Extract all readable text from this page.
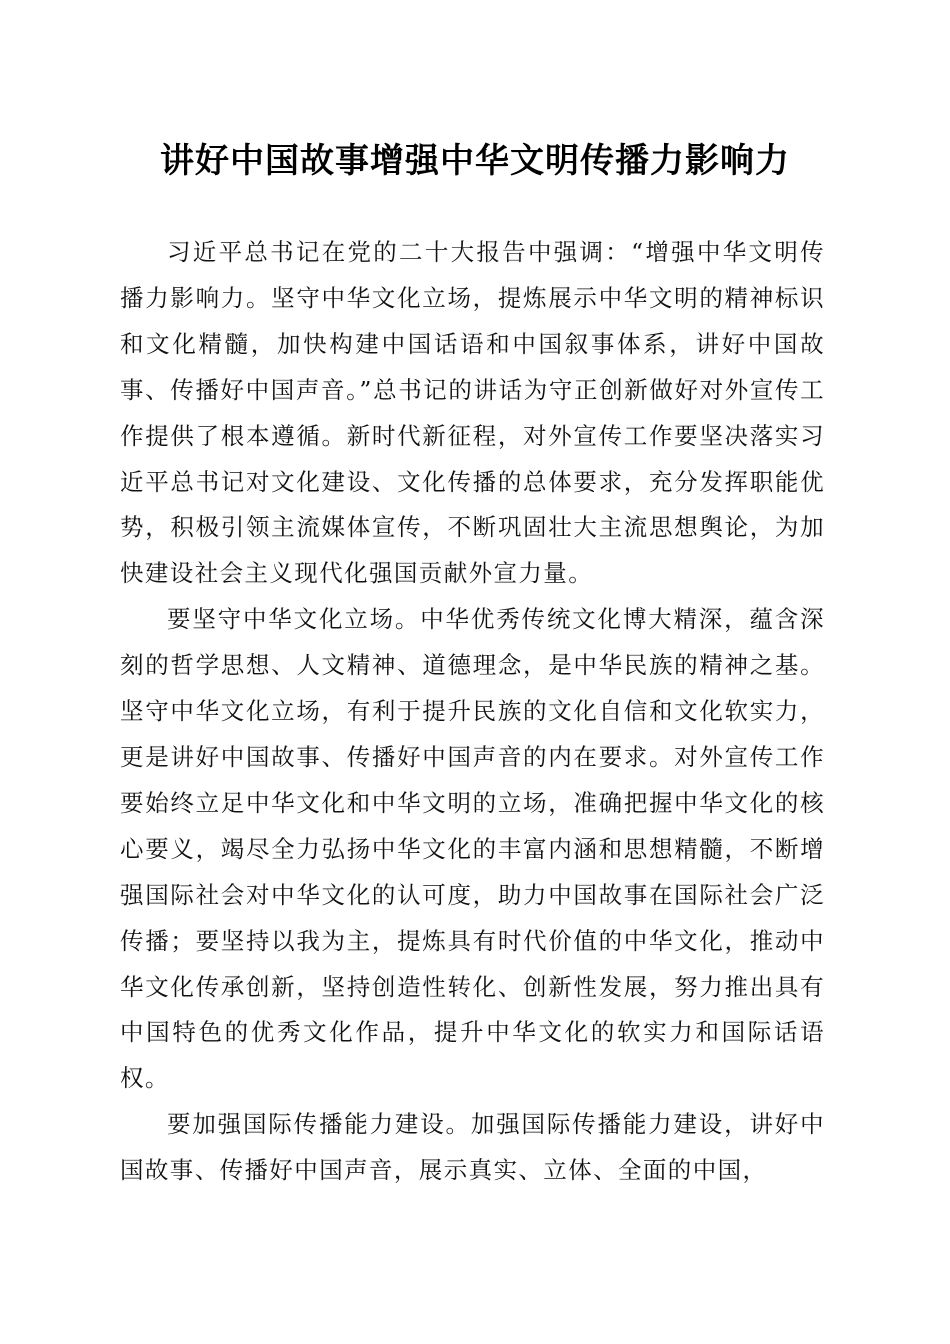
讲好中国故事增强中华文明传播力影响力

习近平总书记在党的二十大报告中强调：“增强中华文明传播力影响力。坚守中华文化立场，提炼展示中华文明的精神标识和文化精髓，加快构建中国话语和中国叙事体系，讲好中国故事、传播好中国声音。”总书记的讲话为守正创新做好对外宣传工作提供了根本遵循。新时代新征程，对外宣传工作要坚决落实习近平总书记对文化建设、文化传播的总体要求，充分发挥职能优势，积极引领主流媒体宣传，不断巩固壮大主流思想舆论，为加快建设社会主义现代化强国贡献外宣力量。

要坚守中华文化立场。中华优秀传统文化博大精深，蕴含深刻的哲学思想、人文精神、道德理念，是中华民族的精神之基。坚守中华文化立场，有利于提升民族的文化自信和文化软实力，更是讲好中国故事、传播好中国声音的内在要求。对外宣传工作要始终立足中华文化和中华文明的立场，准确把握中华文化的核心要义，竭尽全力弘扬中华文化的丰富内涵和思想精髓，不断增强国际社会对中华文化的认可度，助力中国故事在国际社会广泛传播；要坚持以我为主，提炼具有时代价值的中华文化，推动中华文化传承创新，坚持创造性转化、创新性发展，努力推出具有中国特色的优秀文化作品，提升中华文化的软实力和国际话语权。

要加强国际传播能力建设。加强国际传播能力建设，讲好中国故事、传播好中国声音，展示真实、立体、全面的中国，
